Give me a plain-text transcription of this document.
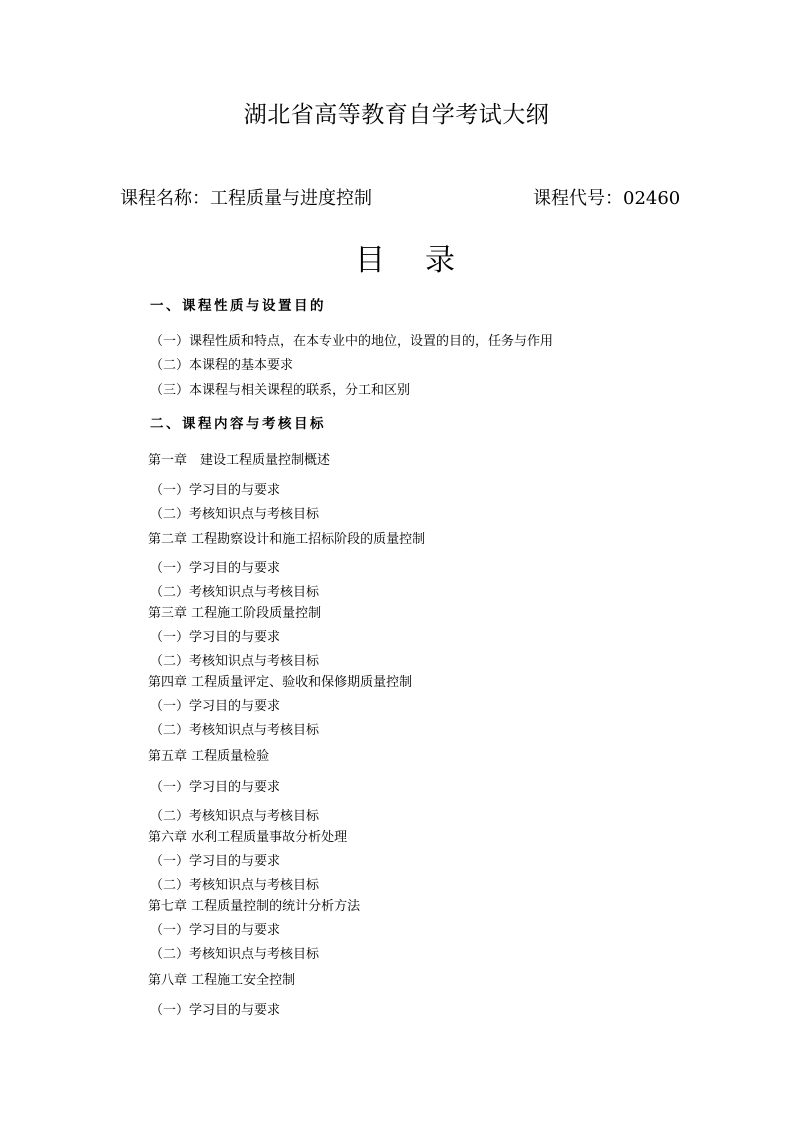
湖北省高等教育自学考试大纲
课程名称：工程质量与进度控制	课程代号：02460
目 录
一、课程性质与设置目的
（一）课程性质和特点，在本专业中的地位，设置的目的，任务与作用
（二）本课程的基本要求
（三）本课程与相关课程的联系，分工和区别
二、课程内容与考核目标
第一章　建设工程质量控制概述
（一）学习目的与要求
（二）考核知识点与考核目标
第二章 工程勘察设计和施工招标阶段的质量控制
（一）学习目的与要求
（二）考核知识点与考核目标
第三章 工程施工阶段质量控制
（一）学习目的与要求
（二）考核知识点与考核目标
第四章 工程质量评定、验收和保修期质量控制
（一）学习目的与要求
（二）考核知识点与考核目标
第五章 工程质量检验
（一）学习目的与要求
（二）考核知识点与考核目标
第六章 水利工程质量事故分析处理
（一）学习目的与要求
（二）考核知识点与考核目标
第七章 工程质量控制的统计分析方法
（一）学习目的与要求
（二）考核知识点与考核目标
第八章 工程施工安全控制
（一）学习目的与要求
